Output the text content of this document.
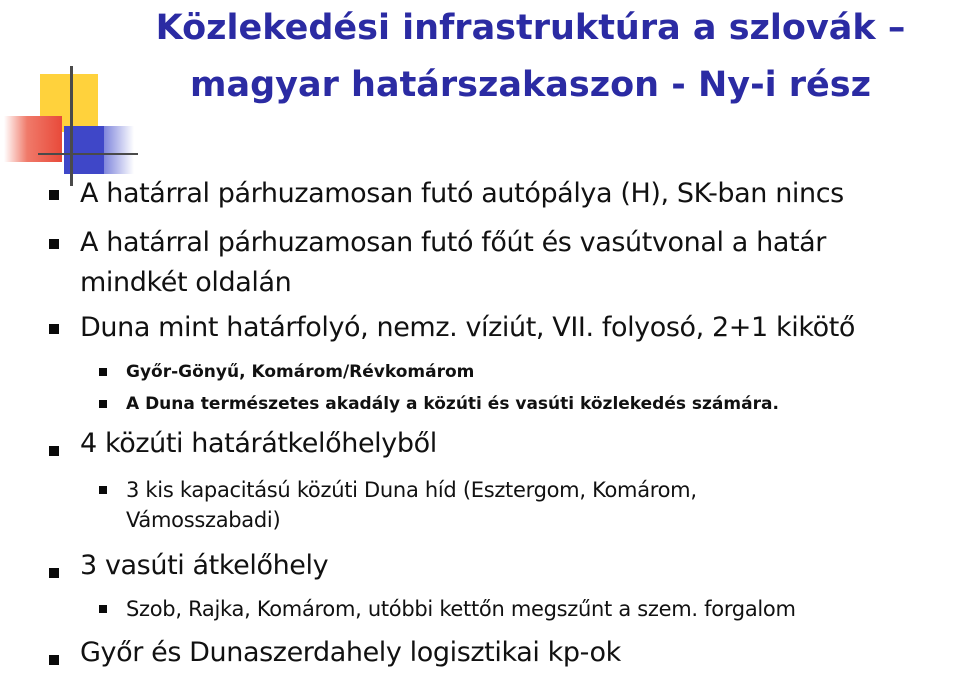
Közlekedési infrastruktúra a szlovák –
magyar határszakaszon - Ny-i rész

A határral párhuzamosan futó autópálya (H), SK-ban nincs

A határral párhuzamosan futó főút és vasútvonal a határ

mindkét oldalán

Duna mint határfolyó, nemz. víziút, VII. folyosó, 2+1 kikötő

Győr-Gönyű, Komárom/Révkomárom

A Duna természetes akadály a közúti és vasúti közlekedés számára.

4 közúti határátkelőhelyből

3 kis kapacitású közúti Duna híd (Esztergom, Komárom,

Vámosszabadi)

3 vasúti átkelőhely

Szob, Rajka, Komárom, utóbbi kettőn megszűnt a szem. forgalom

Győr és Dunaszerdahely logisztikai kp-ok
